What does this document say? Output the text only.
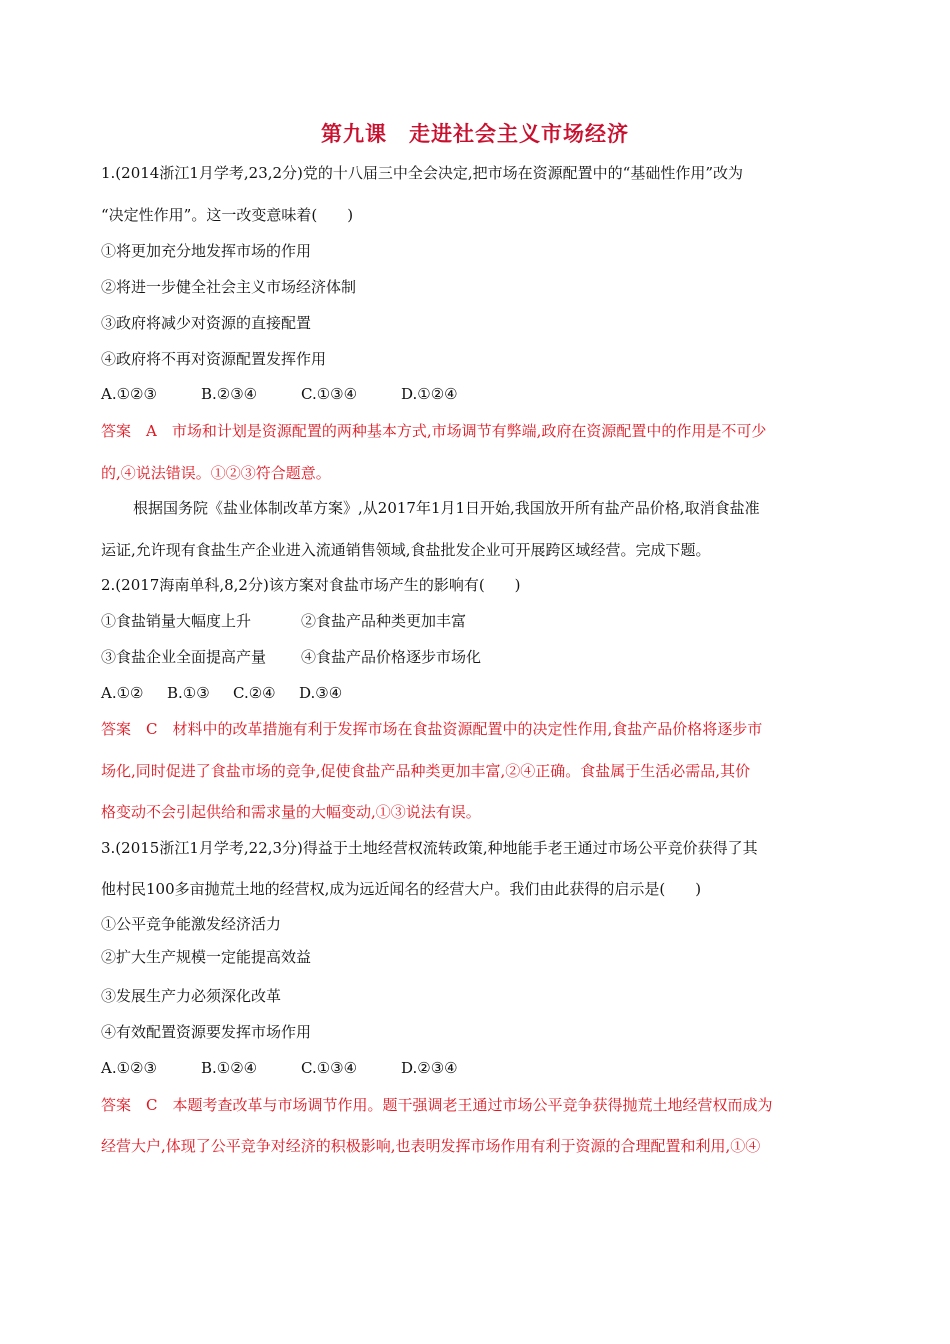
第九课　走进社会主义市场经济
1.(2014浙江1月学考,23,2分)党的十八届三中全会决定,把市场在资源配置中的“基础性作用”改为
“决定性作用”。这一改变意味着(　　)
①将更加充分地发挥市场的作用
②将进一步健全社会主义市场经济体制
③政府将减少对资源的直接配置
④政府将不再对资源配置发挥作用
A.①②③	B.②③④	C.①③④	D.①②④
答案　A　市场和计划是资源配置的两种基本方式,市场调节有弊端,政府在资源配置中的作用是不可少
的,④说法错误。①②③符合题意。
根据国务院《盐业体制改革方案》,从2017年1月1日开始,我国放开所有盐产品价格,取消食盐准
运证,允许现有食盐生产企业进入流通销售领域,食盐批发企业可开展跨区域经营。完成下题。
2.(2017海南单科,8,2分)该方案对食盐市场产生的影响有(　　)
①食盐销量大幅度上升	②食盐产品种类更加丰富
③食盐企业全面提高产量 ④食盐产品价格逐步市场化
A.①② B.①③ C.②④ D.③④
答案　C　材料中的改革措施有利于发挥市场在食盐资源配置中的决定性作用,食盐产品价格将逐步市
场化,同时促进了食盐市场的竞争,促使食盐产品种类更加丰富,②④正确。食盐属于生活必需品,其价
格变动不会引起供给和需求量的大幅变动,①③说法有误。
3.(2015浙江1月学考,22,3分)得益于土地经营权流转政策,种地能手老王通过市场公平竞价获得了其
他村民100多亩抛荒土地的经营权,成为远近闻名的经营大户。我们由此获得的启示是(　　)
①公平竞争能激发经济活力
②扩大生产规模一定能提高效益
③发展生产力必须深化改革
④有效配置资源要发挥市场作用
A.①②③	B.①②④	C.①③④	D.②③④
答案　C　本题考查改革与市场调节作用。题干强调老王通过市场公平竞争获得抛荒土地经营权而成为
经营大户,体现了公平竞争对经济的积极影响,也表明发挥市场作用有利于资源的合理配置和利用,①④
